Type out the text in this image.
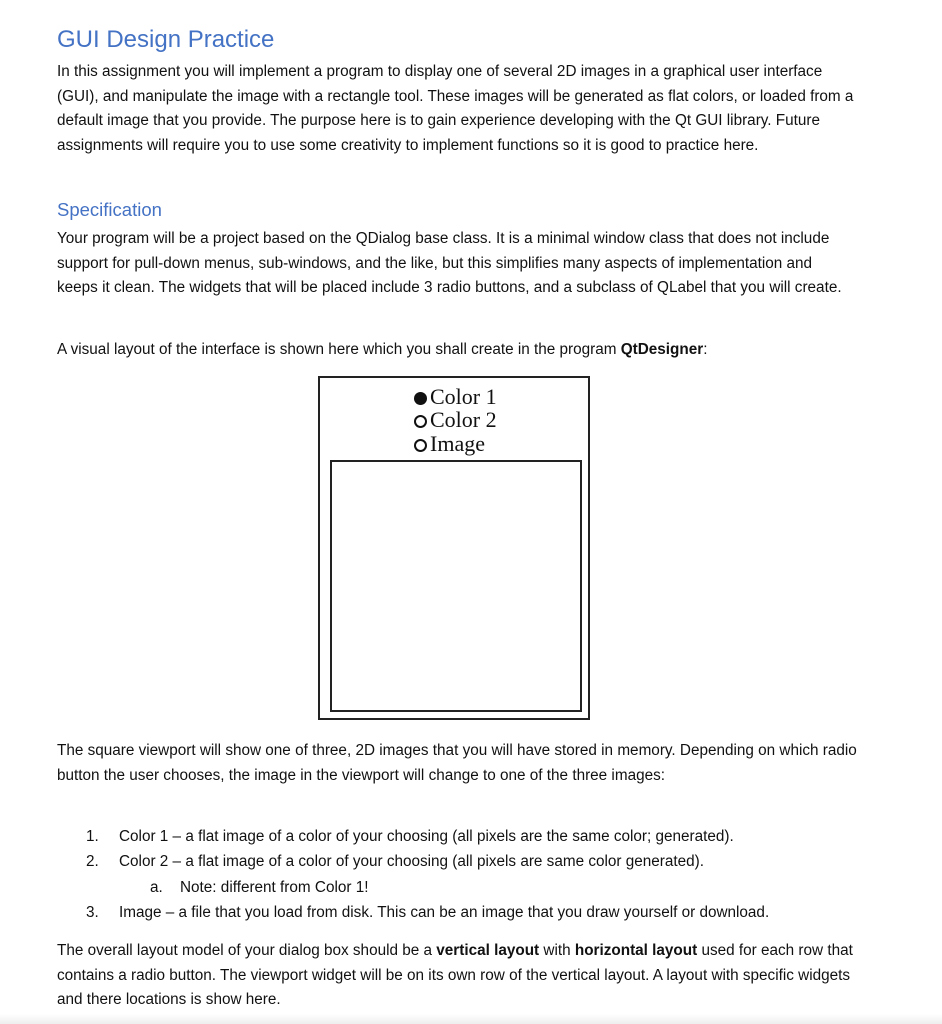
GUI Design Practice

In this assignment you will implement a program to display one of several 2D images in a graphical user interface (GUI), and manipulate the image with a rectangle tool. These images will be generated as flat colors, or loaded from a default image that you provide. The purpose here is to gain experience developing with the Qt GUI library. Future assignments will require you to use some creativity to implement functions so it is good to practice here.

Specification

Your program will be a project based on the QDialog base class. It is a minimal window class that does not include support for pull-down menus, sub-windows, and the like, but this simplifies many aspects of implementation and keeps it clean. The widgets that will be placed include 3 radio buttons, and a subclass of QLabel that you will create.

A visual layout of the interface is shown here which you shall create in the program QtDesigner:

Color 1
Color 2
Image

The square viewport will show one of three, 2D images that you will have stored in memory. Depending on which radio button the user chooses, the image in the viewport will change to one of the three images:

1. Color 1 – a flat image of a color of your choosing (all pixels are the same color; generated).
2. Color 2 – a flat image of a color of your choosing (all pixels are same color generated).
a. Note: different from Color 1!
3. Image – a file that you load from disk. This can be an image that you draw yourself or download.

The overall layout model of your dialog box should be a vertical layout with horizontal layout used for each row that contains a radio button. The viewport widget will be on its own row of the vertical layout. A layout with specific widgets and there locations is show here.
